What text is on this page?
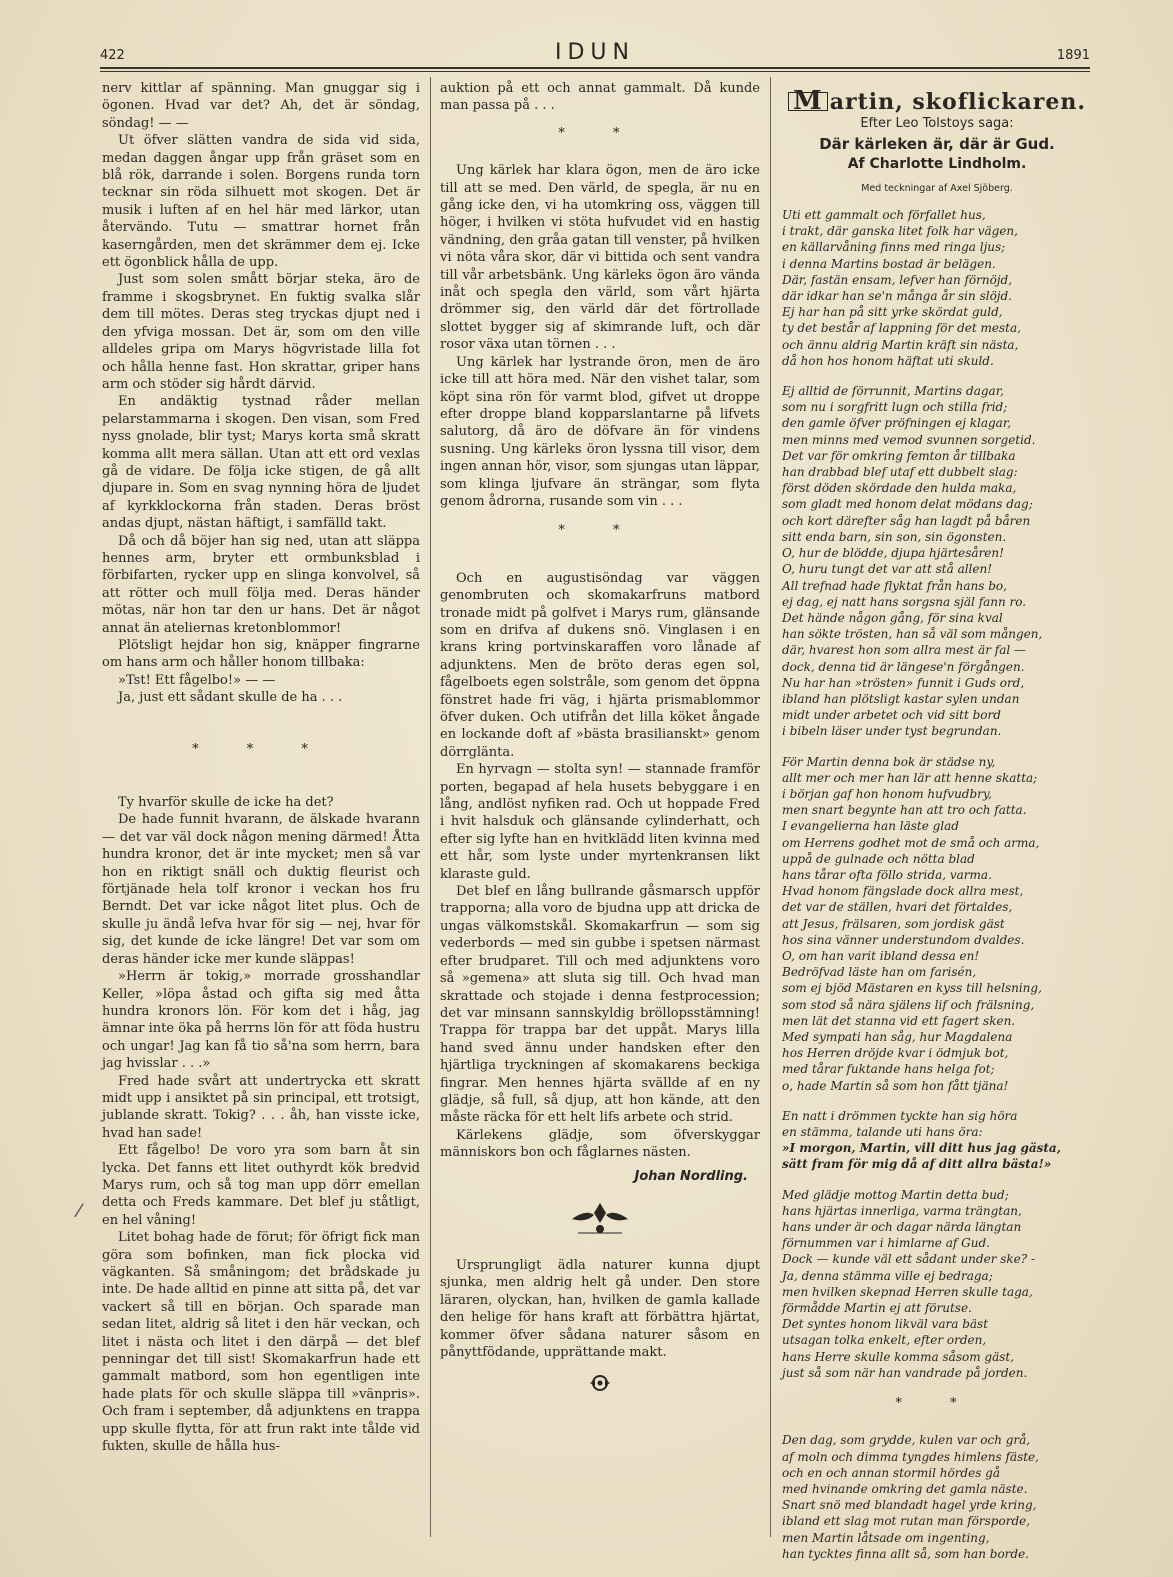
422	IDUN	1891
/

nerv kittlar af spänning. Man gnuggar sig i ögonen. Hvad var det? Ah, det är söndag, söndag! — —

Ut öfver slätten vandra de sida vid sida, medan daggen ångar upp från gräset som en blå rök, darrande i solen. Borgens runda torn tecknar sin röda silhuett mot skogen. Det är musik i luften af en hel här med lärkor, utan återvändo. Tutu — smattrar hornet från kaserngården, men det skrämmer dem ej. Icke ett ögonblick hålla de upp.

Just som solen smått börjar steka, äro de framme i skogsbrynet. En fuktig svalka slår dem till mötes. Deras steg tryckas djupt ned i den yfviga mossan. Det är, som om den ville alldeles gripa om Marys högvristade lilla fot och hålla henne fast. Hon skrattar, griper hans arm och stöder sig hårdt därvid.

En andäktig tystnad råder mellan pelarstammarna i skogen. Den visan, som Fred nyss gnolade, blir tyst; Marys korta små skratt komma allt mera sällan. Utan att ett ord vexlas gå de vidare. De följa icke stigen, de gå allt djupare in. Som en svag nynning höra de ljudet af kyrkklockorna från staden. Deras bröst andas djupt, nästan häftigt, i samfälld takt.

Då och då böjer han sig ned, utan att släppa hennes arm, bryter ett ormbunksblad i förbifarten, rycker upp en slinga konvolvel, så att rötter och mull följa med. Deras händer mötas, när hon tar den ur hans. Det är något annat än ateliernas kretonblommor!

Plötsligt hejdar hon sig, knäpper fingrarne om hans arm och håller honom tillbaka:

»Tst! Ett fågelbo!» — —

Ja, just ett sådant skulle de ha . . .

* * *

Ty hvarför skulle de icke ha det?

De hade funnit hvarann, de älskade hvarann — det var väl dock någon mening därmed! Åtta hundra kronor, det är inte mycket; men så var hon en riktigt snäll och duktig fleurist och förtjänade hela tolf kronor i veckan hos fru Berndt. Det var icke något litet plus. Och de skulle ju ändå lefva hvar för sig — nej, hvar för sig, det kunde de icke längre! Det var som om deras händer icke mer kunde släppas!

»Herrn är tokig,» morrade grosshandlar Keller, »löpa åstad och gifta sig med åtta hundra kronors lön. För kom det i håg, jag ämnar inte öka på herrns lön för att föda hustru och ungar! Jag kan få tio så'na som herrn, bara jag hvisslar . . .»

Fred hade svårt att undertrycka ett skratt midt upp i ansiktet på sin principal, ett trotsigt, jublande skratt. Tokig? . . . åh, han visste icke, hvad han sade!

Ett fågelbo! De voro yra som barn åt sin lycka. Det fanns ett litet outhyrdt kök bredvid Marys rum, och så tog man upp dörr emellan detta och Freds kammare. Det blef ju ståtligt, en hel våning!

Litet bohag hade de förut; för öfrigt fick man göra som bofinken, man fick plocka vid vägkanten. Så småningom; det brådskade ju inte. De hade alltid en pinne att sitta på, det var vackert så till en början. Och sparade man sedan litet, aldrig så litet i den här veckan, och litet i nästa och litet i den därpå — det blef penningar det till sist! Skomakarfrun hade ett gammalt matbord, som hon egentligen inte hade plats för och skulle släppa till »vänpris». Och fram i september, då adjunktens en trappa upp skulle flytta, för att frun rakt inte tålde vid fukten, skulle de hålla hus-

auktion på ett och annat gammalt. Då kunde man passa på . . .

* *

Ung kärlek har klara ögon, men de äro icke till att se med. Den värld, de spegla, är nu en gång icke den, vi ha utomkring oss, väggen till höger, i hvilken vi stöta hufvudet vid en hastig vändning, den gråa gatan till venster, på hvilken vi nöta våra skor, där vi bittida och sent vandra till vår arbetsbänk. Ung kärleks ögon äro vända inåt och spegla den värld, som vårt hjärta drömmer sig, den värld där det förtrollade slottet bygger sig af skimrande luft, och där rosor växa utan törnen . . .

Ung kärlek har lystrande öron, men de äro icke till att höra med. När den vishet talar, som köpt sina rön för varmt blod, gifvet ut droppe efter droppe bland kopparslantarne på lifvets salutorg, då äro de döfvare än för vindens susning. Ung kärleks öron lyssna till visor, dem ingen annan hör, visor, som sjungas utan läppar, som klinga ljufvare än strängar, som flyta genom ådrorna, rusande som vin . . .

* *

Och en augustisöndag var väggen genombruten och skomakarfruns matbord tronade midt på golfvet i Marys rum, glänsande som en drifva af dukens snö. Vinglasen i en krans kring portvinskaraffen voro lånade af adjunktens. Men de bröto deras egen sol, fågelboets egen solstråle, som genom det öppna fönstret hade fri väg, i hjärta prismablommor öfver duken. Och utifrån det lilla köket ångade en lockande doft af »bästa brasilianskt» genom dörrglänta.

En hyrvagn — stolta syn! — stannade framför porten, begapad af hela husets bebyggare i en lång, andlöst nyfiken rad. Och ut hoppade Fred i hvit halsduk och glänsande cylinderhatt, och efter sig lyfte han en hvitklädd liten kvinna med ett hår, som lyste under myrtenkransen likt klaraste guld.

Det blef en lång bullrande gåsmarsch uppför trapporna; alla voro de bjudna upp att dricka de ungas välkomstskål. Skomakarfrun — som sig vederbords — med sin gubbe i spetsen närmast efter brudparet. Till och med adjunktens voro så »gemena» att sluta sig till. Och hvad man skrattade och stojade i denna festprocession; det var minsann sannskyldig bröllopsstämning! Trappa för trappa bar det uppåt. Marys lilla hand sved ännu under handsken efter den hjärtliga tryckningen af skomakarens beckiga fingrar. Men hennes hjärta svällde af en ny glädje, så full, så djup, att hon kände, att den måste räcka för ett helt lifs arbete och strid.

Kärlekens glädje, som öfverskyggar människors bon och fåglarnes nästen.

Johan Nordling.

Ursprungligt ädla naturer kunna djupt sjunka, men aldrig helt gå under. Den store läraren, olyckan, han, hvilken de gamla kallade den helige för hans kraft att förbättra hjärtat, kommer öfver sådana naturer såsom en pånyttfödande, upprättande makt.

M artin, skoflickaren.
Efter Leo Tolstoys saga:
Där kärleken är, där är Gud.
Af Charlotte Lindholm.
Med teckningar af Axel Sjöberg.
Uti ett gammalt och förfallet hus,
i trakt, där ganska litet folk har vägen,
en källarvåning finns med ringa ljus;
i denna Martins bostad är belägen.
Där, fastän ensam, lefver han förnöjd,
där idkar han se'n många år sin slöjd.
Ej har han på sitt yrke skördat guld,
ty det består af lappning för det mesta,
och ännu aldrig Martin kräft sin nästa,
då hon hos honom häftat uti skuld.
Ej alltid de förrunnit, Martins dagar,
som nu i sorgfritt lugn och stilla frid;
den gamle öfver pröfningen ej klagar,
men minns med vemod svunnen sorgetid.
Det var för omkring femton år tillbaka
han drabbad blef utaf ett dubbelt slag:
först döden skördade den hulda maka,
som gladt med honom delat mödans dag;
och kort därefter såg han lagdt på båren
sitt enda barn, sin son, sin ögonsten.
O, hur de blödde, djupa hjärtesåren!
O, huru tungt det var att stå allen!
All trefnad hade flyktat från hans bo,
ej dag, ej natt hans sorgsna själ fann ro.
Det hände någon gång, för sina kval
han sökte trösten, han så väl som mången,
där, hvarest hon som allra mest är fal —
dock, denna tid är längese'n förgången.
Nu har han »trösten» funnit i Guds ord,
ibland han plötsligt kastar sylen undan
midt under arbetet och vid sitt bord
i bibeln läser under tyst begrundan.
För Martin denna bok är städse ny,
allt mer och mer han lär att henne skatta;
i början gaf hon honom hufvudbry,
men snart begynte han att tro och fatta.
I evangelierna han läste glad
om Herrens godhet mot de små och arma,
uppå de gulnade och nötta blad
hans tårar ofta föllo strida, varma.
Hvad honom fängslade dock allra mest,
det var de ställen, hvari det förtaldes,
att Jesus, frälsaren, som jordisk gäst
hos sina vänner understundom dvaldes.
O, om han varit ibland dessa en!
Bedröfvad läste han om farisén,
som ej bjöd Mästaren en kyss till helsning,
som stod så nära själens lif och frälsning,
men lät det stanna vid ett fagert sken.
Med sympati han såg, hur Magdalena
hos Herren dröjde kvar i ödmjuk bot,
med tårar fuktande hans helga fot;
o, hade Martin så som hon fått tjäna!
En natt i drömmen tyckte han sig höra
en stämma, talande uti hans öra:
»I morgon, Martin, vill ditt hus jag gästa,
sätt fram för mig då af ditt allra bästa!»
Med glädje mottog Martin detta bud;
hans hjärtas innerliga, varma trängtan,
hans under är och dagar närda längtan
förnummen var i himlarne af Gud.
Dock — kunde väl ett sådant under ske? -
Ja, denna stämma ville ej bedraga;
men hvilken skepnad Herren skulle taga,
förmådde Martin ej att förutse.
Det syntes honom likväl vara bäst
utsagan tolka enkelt, efter orden,
hans Herre skulle komma såsom gäst,
just så som när han vandrade på jorden.
* *
Den dag, som grydde, kulen var och grå,
af moln och dimma tyngdes himlens fäste,
och en och annan stormil hördes gå
med hvinande omkring det gamla näste.
Snart snö med blandadt hagel yrde kring,
ibland ett slag mot rutan man försporde,
men Martin låtsade om ingenting,
han tycktes finna allt så, som han borde.
